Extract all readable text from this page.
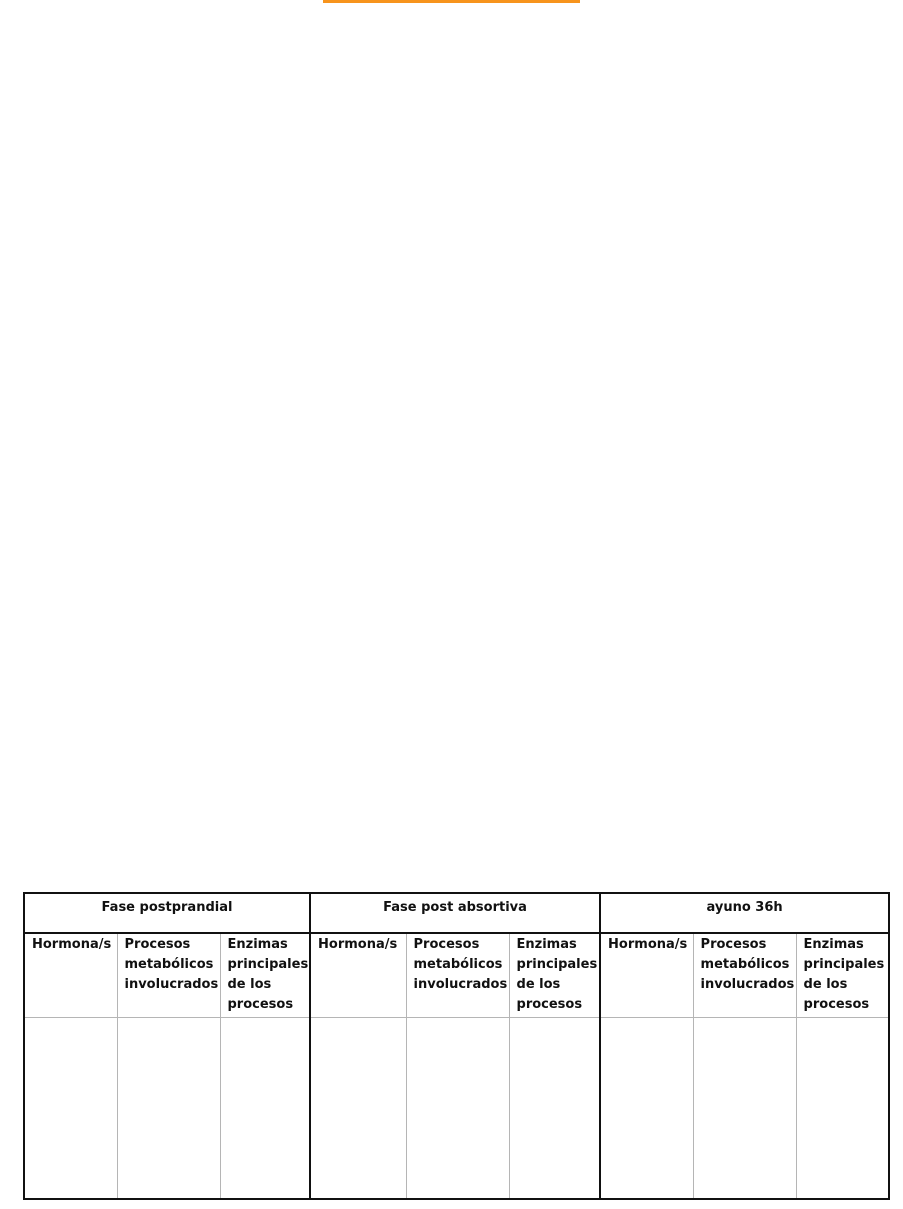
Fase postprandial			Fase post absortiva			ayuno 36h		
Hormona/s	Procesos metabólicos involucrados	Enzimas principales de los procesos	Hormona/s	Procesos metabólicos involucrados	Enzimas principales de los procesos	Hormona/s	Procesos metabólicos involucrados	Enzimas principales de los procesos
